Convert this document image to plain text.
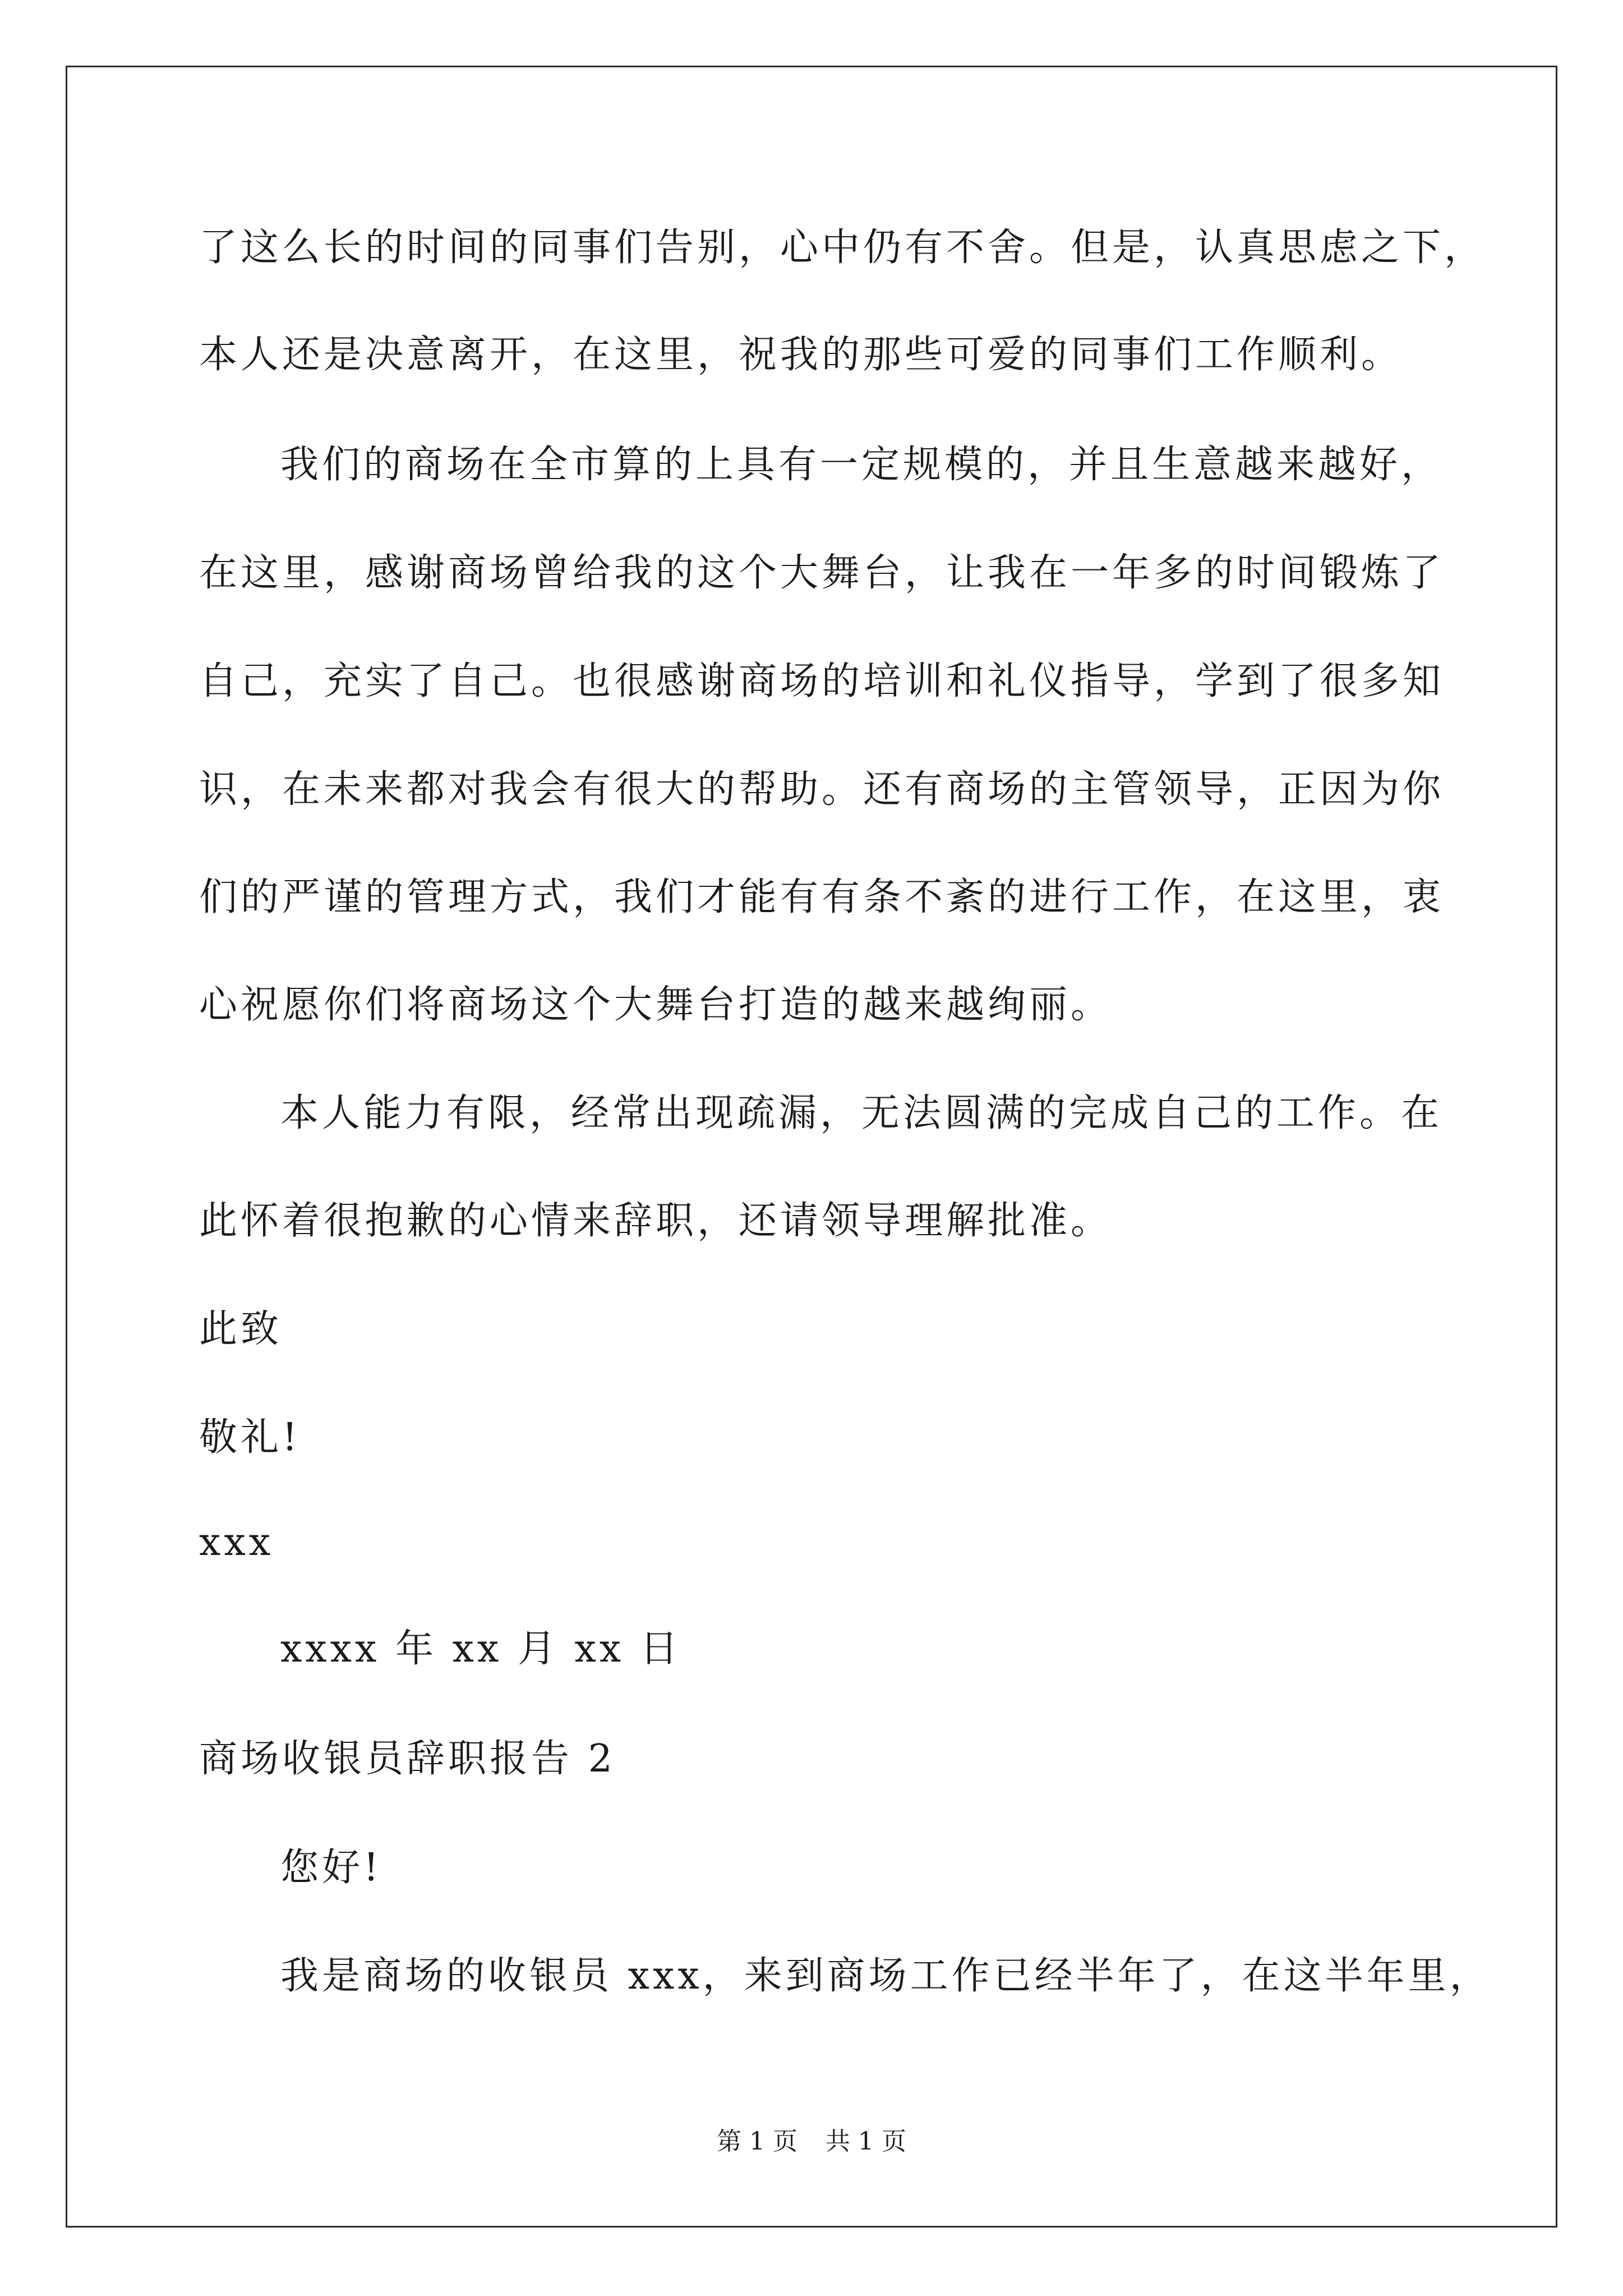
了这么长的时间的同事们告别，心中仍有不舍。但是，认真思虑之下，

本人还是决意离开，在这里，祝我的那些可爱的同事们工作顺利。

我们的商场在全市算的上具有一定规模的，并且生意越来越好，

在这里，感谢商场曾给我的这个大舞台，让我在一年多的时间锻炼了

自己，充实了自己。也很感谢商场的培训和礼仪指导，学到了很多知

识，在未来都对我会有很大的帮助。还有商场的主管领导，正因为你

们的严谨的管理方式，我们才能有有条不紊的进行工作，在这里，衷

心祝愿你们将商场这个大舞台打造的越来越绚丽。

本人能力有限，经常出现疏漏，无法圆满的完成自己的工作。在

此怀着很抱歉的心情来辞职，还请领导理解批准。

此致

敬礼!

xxx

xxxx 年 xx 月 xx 日

商场收银员辞职报告 2

您好!

我是商场的收银员 xxx，来到商场工作已经半年了，在这半年里，

第 1 页 共 1 页
